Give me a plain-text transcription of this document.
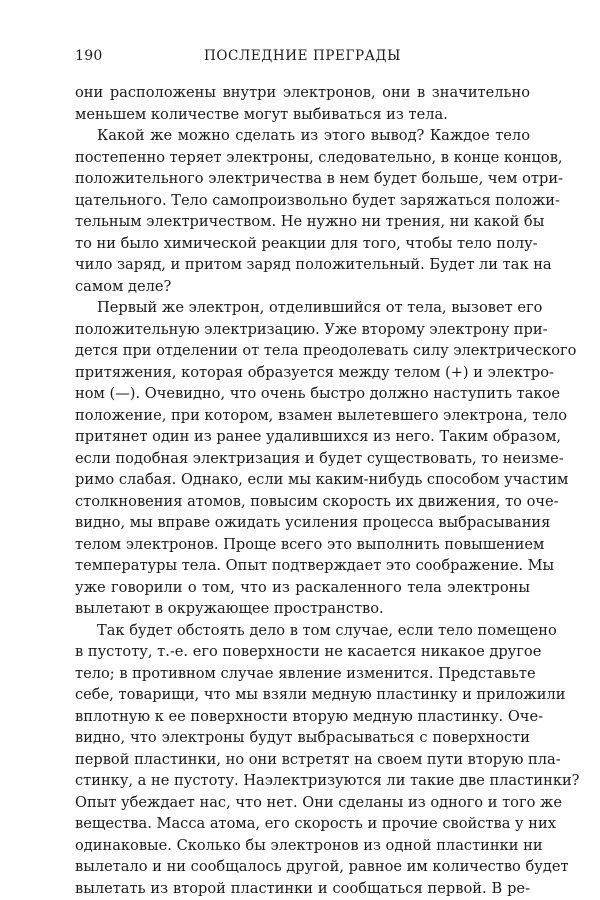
190	ПОСЛЕДНИЕ ПРЕГРАДЫ
они расположены внутри электронов, они в значительно
меньшем количестве могут выбиваться из тела.
Какой же можно сделать из этого вывод? Каждое тело
постепенно теряет электроны, следовательно, в конце концов,
положительного электричества в нем будет больше, чем отри-
цательного. Тело самопроизвольно будет заряжаться положи-
тельным электричеством. Не нужно ни трения, ни какой бы
то ни было химической реакции для того, чтобы тело полу-
чило заряд, и притом заряд положительный. Будет ли так на
самом деле?
Первый же электрон, отделившийся от тела, вызовет его
положительную электризацию. Уже второму электрону при-
дется при отделении от тела преодолевать силу электрического
притяжения, которая образуется между телом (+) и электро-
ном (—). Очевидно, что очень быстро должно наступить такое
положение, при котором, взамен вылетевшего электрона, тело
притянет один из ранее удалившихся из него. Таким образом,
если подобная электризация и будет существовать, то неизме-
римо слабая. Однако, если мы каким-нибудь способом участим
столкновения атомов, повысим скорость их движения, то оче-
видно, мы вправе ожидать усиления процесса выбрасывания
телом электронов. Проще всего это выполнить повышением
температуры тела. Опыт подтверждает это соображение. Мы
уже говорили о том, что из раскаленного тела электроны
вылетают в окружающее пространство.
Так будет обстоять дело в том случае, если тело помещено
в пустоту, т.-е. его поверхности не касается никакое другое
тело; в противном случае явление изменится. Представьте
себе, товарищи, что мы взяли медную пластинку и приложили
вплотную к ее поверхности вторую медную пластинку. Оче-
видно, что электроны будут выбрасываться с поверхности
первой пластинки, но они встретят на своем пути вторую пла-
стинку, а не пустоту. Наэлектризуются ли такие две пластинки?
Опыт убеждает нас, что нет. Они сделаны из одного и того же
вещества. Масса атома, его скорость и прочие свойства у них
одинаковые. Сколько бы электронов из одной пластинки ни
вылетало и ни сообщалось другой, равное им количество будет
вылетать из второй пластинки и сообщаться первой. В ре-
